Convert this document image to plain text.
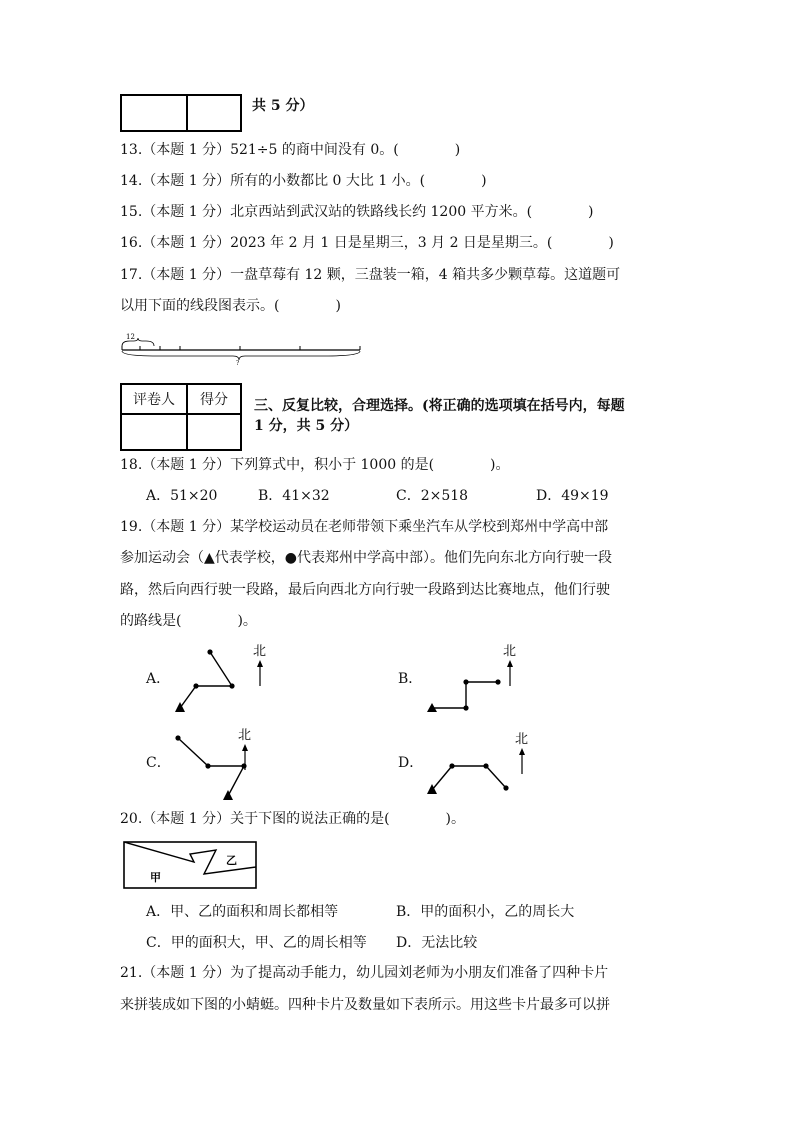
共 5 分）
13.（本题 1 分）521÷5 的商中间没有 0。(　　　　)
14.（本题 1 分）所有的小数都比 0 大比 1 小。(　　　　)
15.（本题 1 分）北京西站到武汉站的铁路线长约 1200 平方米。(　　　　)
16.（本题 1 分）2023 年 2 月 1 日是星期三，3 月 2 日是星期三。(　　　　)
17.（本题 1 分）一盘草莓有 12 颗，三盘装一箱，4 箱共多少颗草莓。这道题可
以用下面的线段图表示。(　　　　)
12
?
评卷人	得分
	三、反复比较，合理选择。(将正确的选项填在括号内，每题
1 分，共 5 分）
18.（本题 1 分）下列算式中，积小于 1000 的是(　　　　)。
A．51×20	B．41×32	C．2×518	D．49×19
19.（本题 1 分）某学校运动员在老师带领下乘坐汽车从学校到郑州中学高中部
参加运动会（▲代表学校，●代表郑州中学高中部）。他们先向东北方向行驶一段
路，然后向西行驶一段路，最后向西北方向行驶一段路到达比赛地点，他们行驶
的路线是(　　　　)。
A．
北
B．
北
C．
北
D．
北
20.（本题 1 分）关于下图的说法正确的是(　　　　)。
甲
乙
A．甲、乙的面积和周长都相等	B．甲的面积小，乙的周长大
C．甲的面积大，甲、乙的周长相等 D．无法比较
21.（本题 1 分）为了提高动手能力，幼儿园刘老师为小朋友们准备了四种卡片
来拼装成如下图的小蜻蜓。四种卡片及数量如下表所示。用这些卡片最多可以拼
